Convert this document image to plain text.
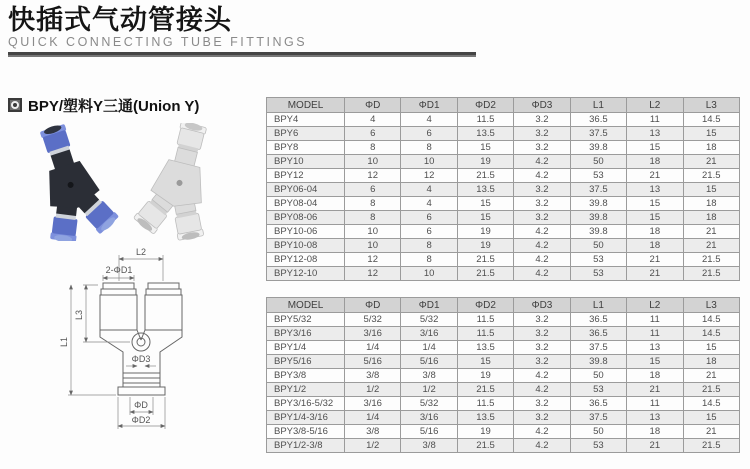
快插式气动管接头
QUICK CONNECTING TUBE FITTINGS
BPY/塑料Y三通(Union Y)
L2
2-ΦD1
L3
L1
ΦD3
ΦD
ΦD2
MODEL	ΦD	ΦD1	ΦD2	ΦD3	L1	L2	L3
BPY4	4	4	11.5	3.2	36.5	11	14.5
BPY6	6	6	13.5	3.2	37.5	13	15
BPY8	8	8	15	3.2	39.8	15	18
BPY10	10	10	19	4.2	50	18	21
BPY12	12	12	21.5	4.2	53	21	21.5
BPY06-04	6	4	13.5	3.2	37.5	13	15
BPY08-04	8	4	15	3.2	39.8	15	18
BPY08-06	8	6	15	3.2	39.8	15	18
BPY10-06	10	6	19	4.2	39.8	18	21
BPY10-08	10	8	19	4.2	50	18	21
BPY12-08	12	8	21.5	4.2	53	21	21.5
BPY12-10	12	10	21.5	4.2	53	21	21.5
MODEL	ΦD	ΦD1	ΦD2	ΦD3	L1	L2	L3
BPY5/32	5/32	5/32	11.5	3.2	36.5	11	14.5
BPY3/16	3/16	3/16	11.5	3.2	36.5	11	14.5
BPY1/4	1/4	1/4	13.5	3.2	37.5	13	15
BPY5/16	5/16	5/16	15	3.2	39.8	15	18
BPY3/8	3/8	3/8	19	4.2	50	18	21
BPY1/2	1/2	1/2	21.5	4.2	53	21	21.5
BPY3/16-5/32	3/16	5/32	11.5	3.2	36.5	11	14.5
BPY1/4-3/16	1/4	3/16	13.5	3.2	37.5	13	15
BPY3/8-5/16	3/8	5/16	19	4.2	50	18	21
BPY1/2-3/8	1/2	3/8	21.5	4.2	53	21	21.5
